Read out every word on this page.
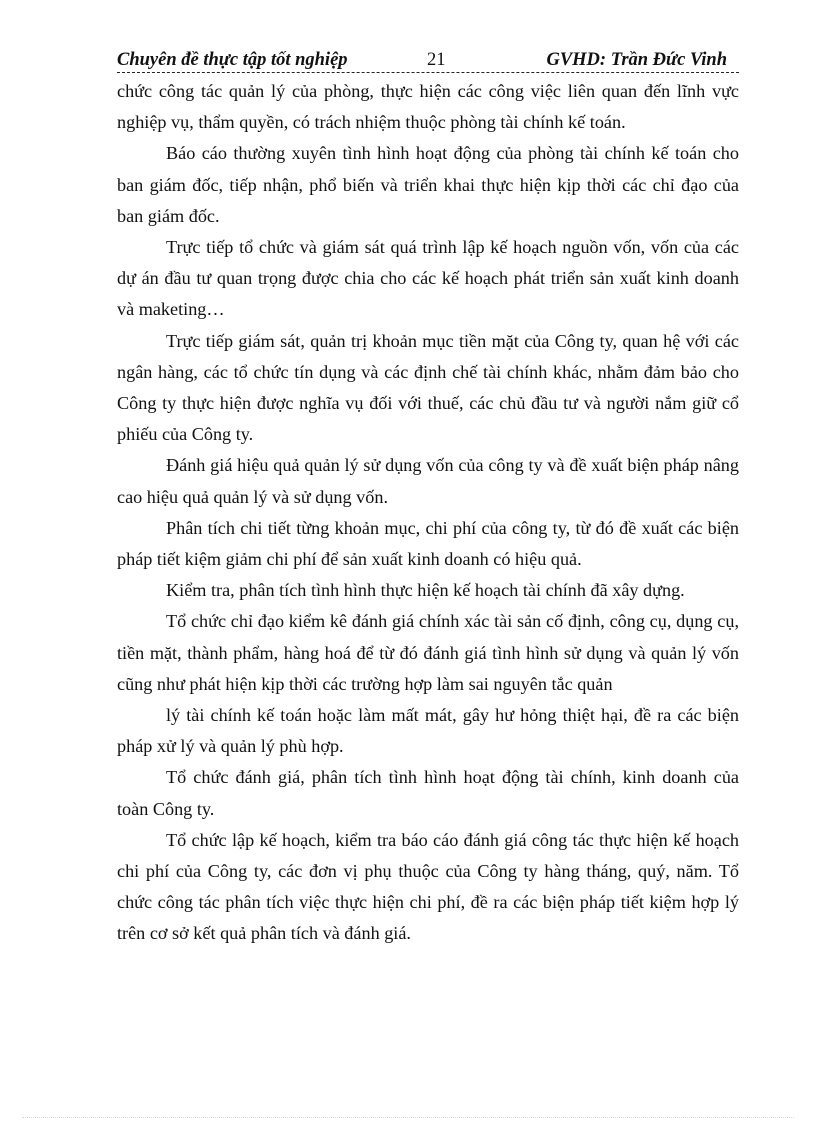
Chuyên đề thực tập tốt nghiệp	21	GVHD: Trần Đức Vinh

chức công tác quản lý của phòng, thực hiện các công việc liên quan đến lĩnh vực nghiệp vụ, thẩm quyền, có trách nhiệm thuộc phòng tài chính kế toán.

Báo cáo thường xuyên tình hình hoạt động của phòng tài chính kế toán cho ban giám đốc, tiếp nhận, phổ biến và triển khai thực hiện kịp thời các chỉ đạo của ban giám đốc.

Trực tiếp tổ chức và giám sát quá trình lập kế hoạch nguồn vốn, vốn của các dự án đầu tư quan trọng được chia cho các kế hoạch phát triển sản xuất kinh doanh và maketing…

Trực tiếp giám sát, quản trị khoản mục tiền mặt của Công ty, quan hệ với các ngân hàng, các tổ chức tín dụng và các định chế tài chính khác, nhằm đảm bảo cho Công ty thực hiện được nghĩa vụ đối với thuế, các chủ đầu tư và người nắm giữ cổ phiếu của Công ty.

Đánh giá hiệu quả quản lý sử dụng vốn của công ty và đề xuất biện pháp nâng cao hiệu quả quản lý và sử dụng vốn.

Phân tích chi tiết từng khoản mục, chi phí của công ty, từ đó đề xuất các biện pháp tiết kiệm giảm chi phí để sản xuất kinh doanh có hiệu quả.

Kiểm tra, phân tích tình hình thực hiện kế hoạch tài chính đã xây dựng.

Tổ chức chỉ đạo kiểm kê đánh giá chính xác tài sản cố định, công cụ, dụng cụ, tiền mặt, thành phẩm, hàng hoá để từ đó đánh giá tình hình sử dụng và quản lý vốn cũng như phát hiện kịp thời các trường hợp làm sai nguyên tắc quản

lý tài chính kế toán hoặc làm mất mát, gây hư hỏng thiệt hại, đề ra các biện pháp xử lý và quản lý phù hợp.

Tổ chức đánh giá, phân tích tình hình hoạt động tài chính, kinh doanh của toàn Công ty.

Tổ chức lập kế hoạch, kiểm tra báo cáo đánh giá công tác thực hiện kế hoạch chi phí của Công ty, các đơn vị phụ thuộc của Công ty hàng tháng, quý, năm. Tổ chức công tác phân tích việc thực hiện chi phí, đề ra các biện pháp tiết kiệm hợp lý trên cơ sở kết quả phân tích và đánh giá.
